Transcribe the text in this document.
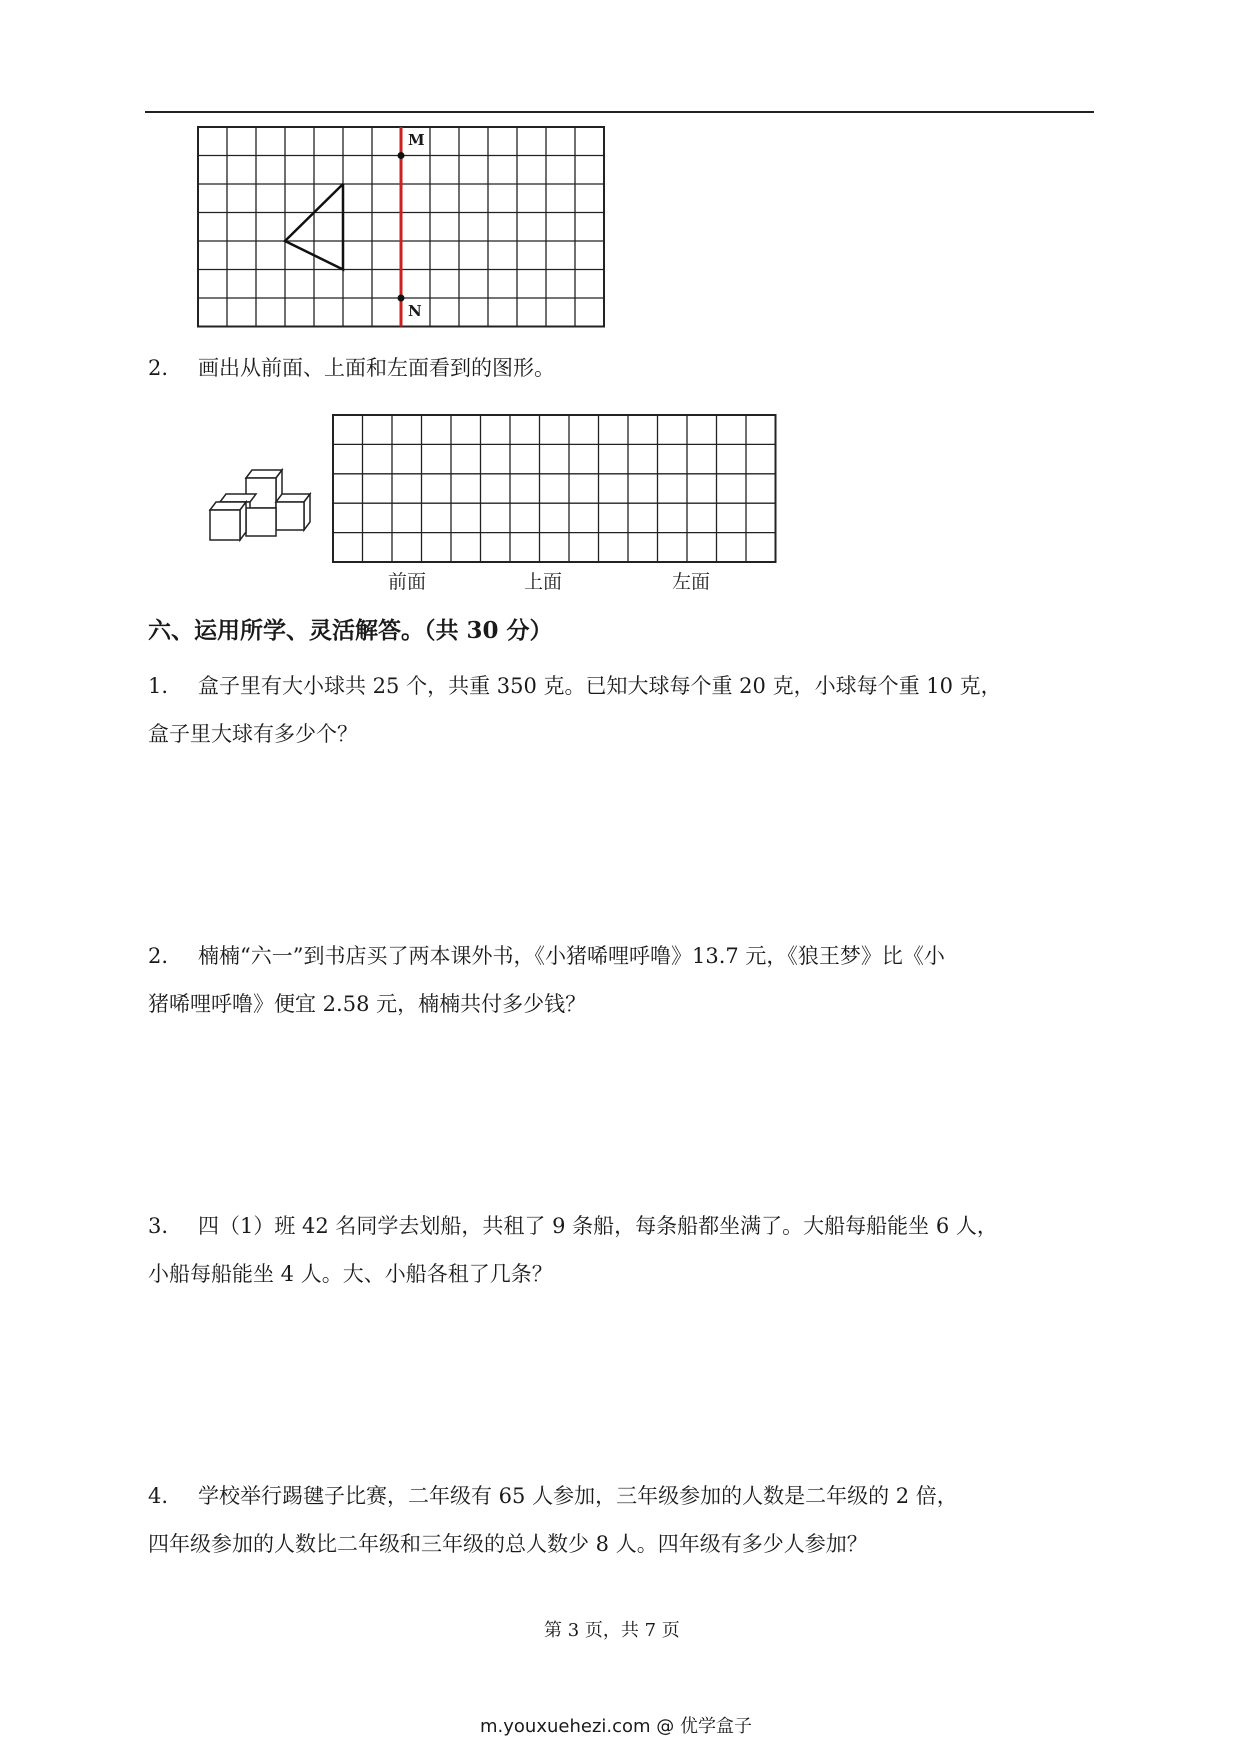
M
N
2. 画出从前面、上面和左面看到的图形。
前面	上面	左面
六、运用所学、灵活解答。（共 30 分）
1. 盒子里有大小球共 25 个，共重 350 克。已知大球每个重 20 克，小球每个重 10 克，
盒子里大球有多少个？
2. 楠楠“六一”到书店买了两本课外书，《小猪唏哩呼噜》13.7 元，《狼王梦》比《小
猪唏哩呼噜》便宜 2.58 元，楠楠共付多少钱？
3. 四（1）班 42 名同学去划船，共租了 9 条船，每条船都坐满了。大船每船能坐 6 人，
小船每船能坐 4 人。大、小船各租了几条？
4. 学校举行踢毽子比赛，二年级有 65 人参加，三年级参加的人数是二年级的 2 倍，
四年级参加的人数比二年级和三年级的总人数少 8 人。四年级有多少人参加？
第 3 页，共 7 页
m.youxuehezi.com @ 优学盒子
